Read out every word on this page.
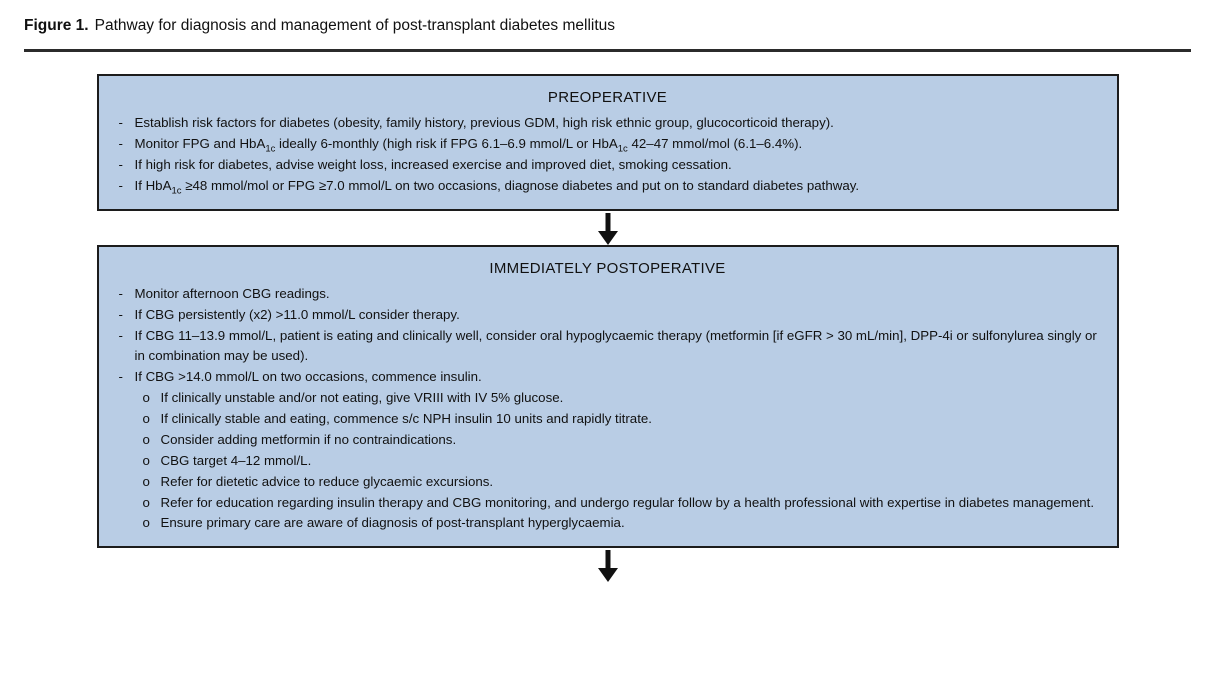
Figure 1. Pathway for diagnosis and management of post-transplant diabetes mellitus
PREOPERATIVE
- Establish risk factors for diabetes (obesity, family history, previous GDM, high risk ethnic group, glucocorticoid therapy).
- Monitor FPG and HbA$_{1c}$ ideally 6-monthly (high risk if FPG 6.1–6.9 mmol/L or HbA$_{1c}$ 42–47 mmol/mol (6.1–6.4%).
- If high risk for diabetes, advise weight loss, increased exercise and improved diet, smoking cessation.
- If HbA$_{1c}$ ≥48 mmol/mol or FPG ≥7.0 mmol/L on two occasions, diagnose diabetes and put on to standard diabetes pathway.
IMMEDIATELY POSTOPERATIVE
- Monitor afternoon CBG readings.
- If CBG persistently (x2) >11.0 mmol/L consider therapy.
- If CBG 11–13.9 mmol/L, patient is eating and clinically well, consider oral hypoglycaemic therapy (metformin [if eGFR > 30 mL/min], DPP-4i or sulfonylurea singly or in combination may be used).
- If CBG >14.0 mmol/L on two occasions, commence insulin.
o If clinically unstable and/or not eating, give VRIII with IV 5% glucose.
o If clinically stable and eating, commence s/c NPH insulin 10 units and rapidly titrate.
o Consider adding metformin if no contraindications.
o CBG target 4–12 mmol/L.
o Refer for dietetic advice to reduce glycaemic excursions.
o Refer for education regarding insulin therapy and CBG monitoring, and undergo regular follow by a health professional with expertise in diabetes management.
o Ensure primary care are aware of diagnosis of post-transplant hyperglycaemia.
